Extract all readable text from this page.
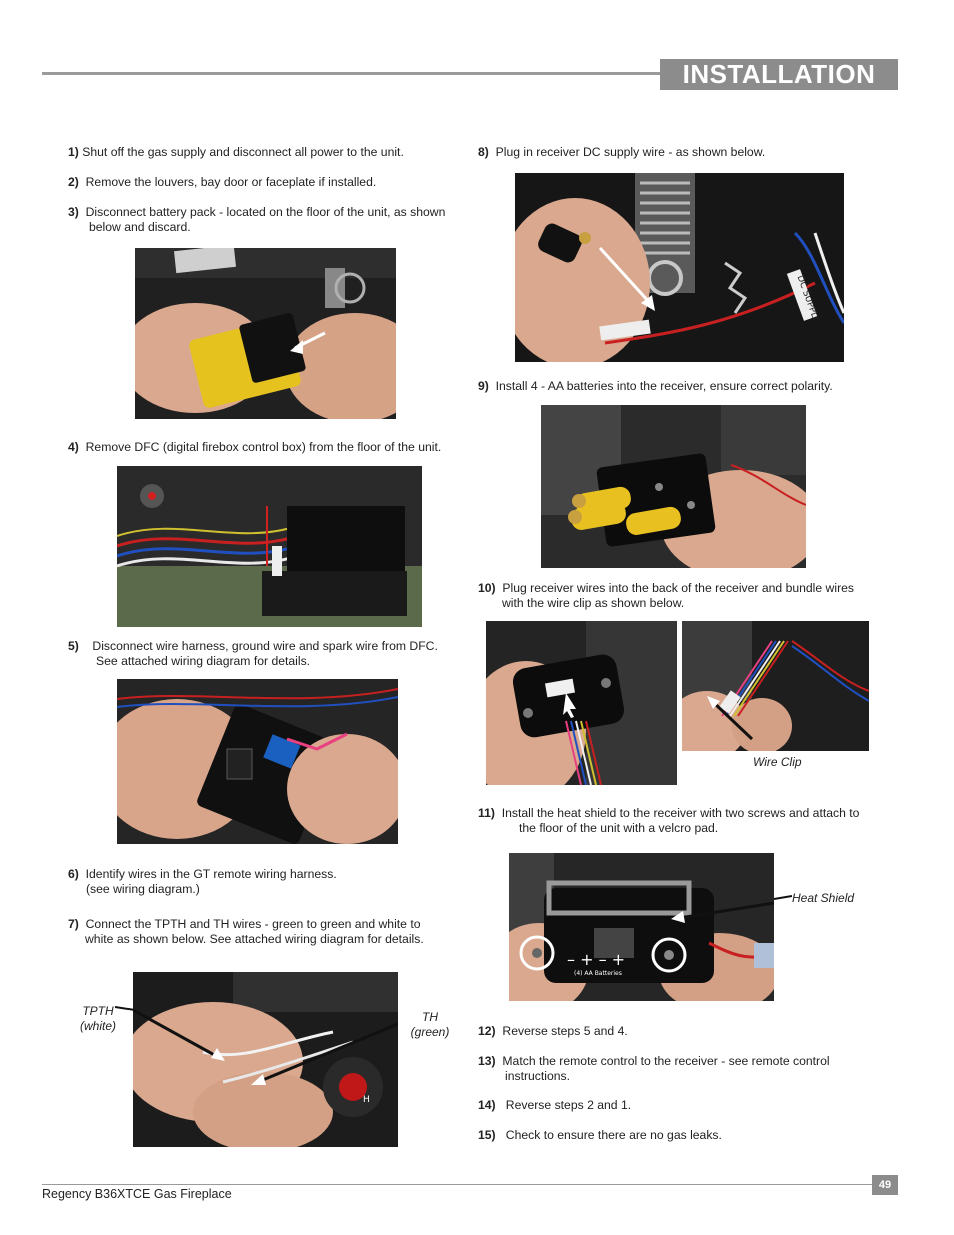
INSTALLATION
1) Shut off the gas supply and disconnect all power to the unit.
2) Remove the louvers, bay door or faceplate if installed.
3) Disconnect battery pack - located on the floor of the unit, as shown
below and discard.
4) Remove DFC (digital firebox control box) from the floor of the unit.
5) Disconnect wire harness, ground wire and spark wire from DFC.
See attached wiring diagram for details.
6) Identify wires in the GT remote wiring harness.
(see wiring diagram.)
7) Connect the TPTH and TH wires - green to green and white to
white as shown below. See attached wiring diagram for details.
TPTH
(white)
TH
(green)
H
8) Plug in receiver DC supply wire - as shown below.
DC SUPPLY
9) Install 4 - AA batteries into the receiver, ensure correct polarity.
10) Plug receiver wires into the back of the receiver and bundle wires
with the wire clip as shown below.
Wire Clip
11) Install the heat shield to the receiver with two screws and attach to
the floor of the unit with a velcro pad.
(4) AA Batteries
– + – +
Heat Shield
12) Reverse steps 5 and 4.
13) Match the remote control to the receiver - see remote control
instructions.
14) Reverse steps 2 and 1.
15) Check to ensure there are no gas leaks.
49
Regency B36XTCE Gas Fireplace
